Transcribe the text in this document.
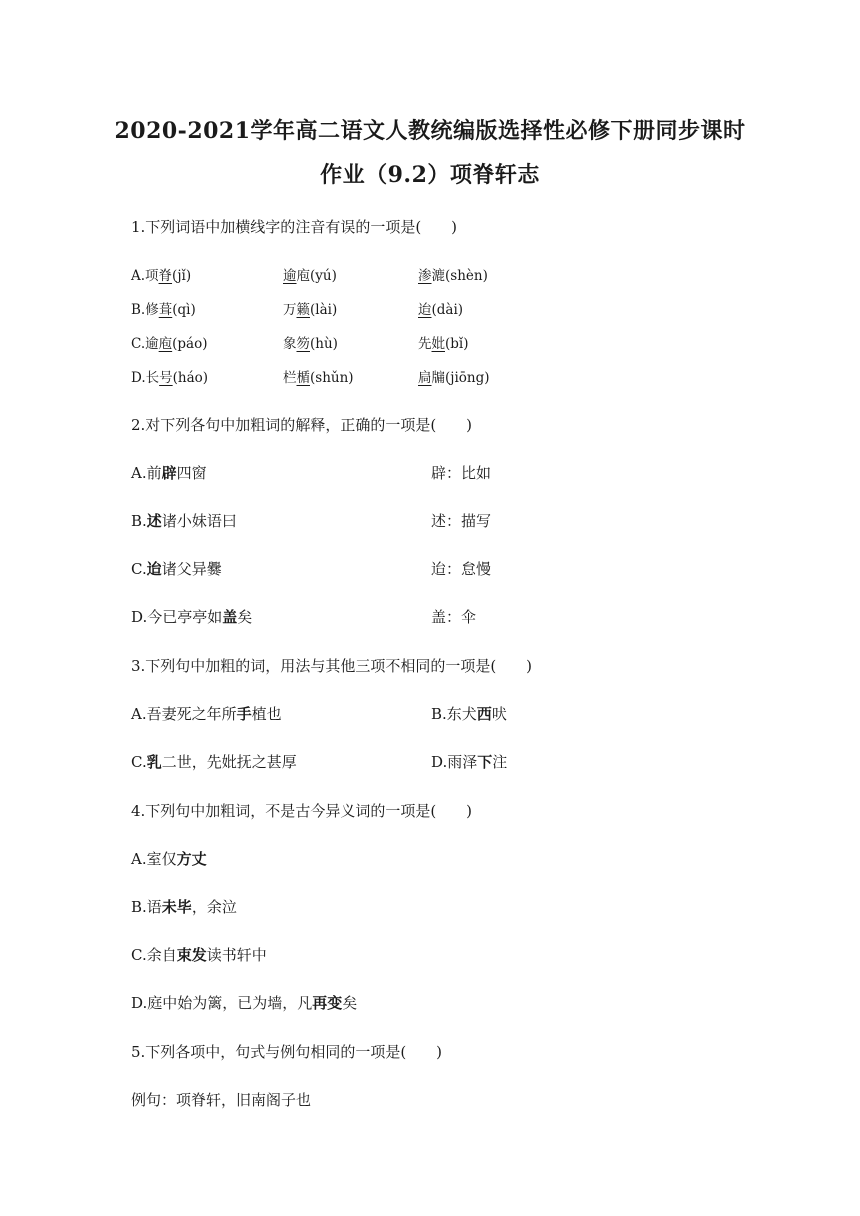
2020-2021学年高二语文人教统编版选择性必修下册同步课时
作业（9.2）项脊轩志
1.下列词语中加横线字的注音有误的一项是(　　)
A.项脊(jǐ)	逾庖(yú)	渗漉(shèn)
B.修葺(qì)	万籁(lài)	迨(dài)
C.逾庖(páo)	象笏(hù)	先妣(bǐ)
D.长号(háo)	栏楯(shǔn)	扃牖(jiōng)
2.对下列各句中加粗词的解释，正确的一项是(　　)
A.前辟四窗	辟：比如
B.述诸小妹语曰	述：描写
C.迨诸父异爨	迨：怠慢
D.今已亭亭如盖矣	盖：伞
3.下列句中加粗的词，用法与其他三项不相同的一项是(　　)
A.吾妻死之年所手植也	B.东犬西吠
C.乳二世，先妣抚之甚厚	D.雨泽下注
4.下列句中加粗词，不是古今异义词的一项是(　　)
A.室仅方丈
B.语未毕，余泣
C.余自束发读书轩中
D.庭中始为篱，已为墙，凡再变矣
5.下列各项中，句式与例句相同的一项是(　　)
例句：项脊轩，旧南阁子也
